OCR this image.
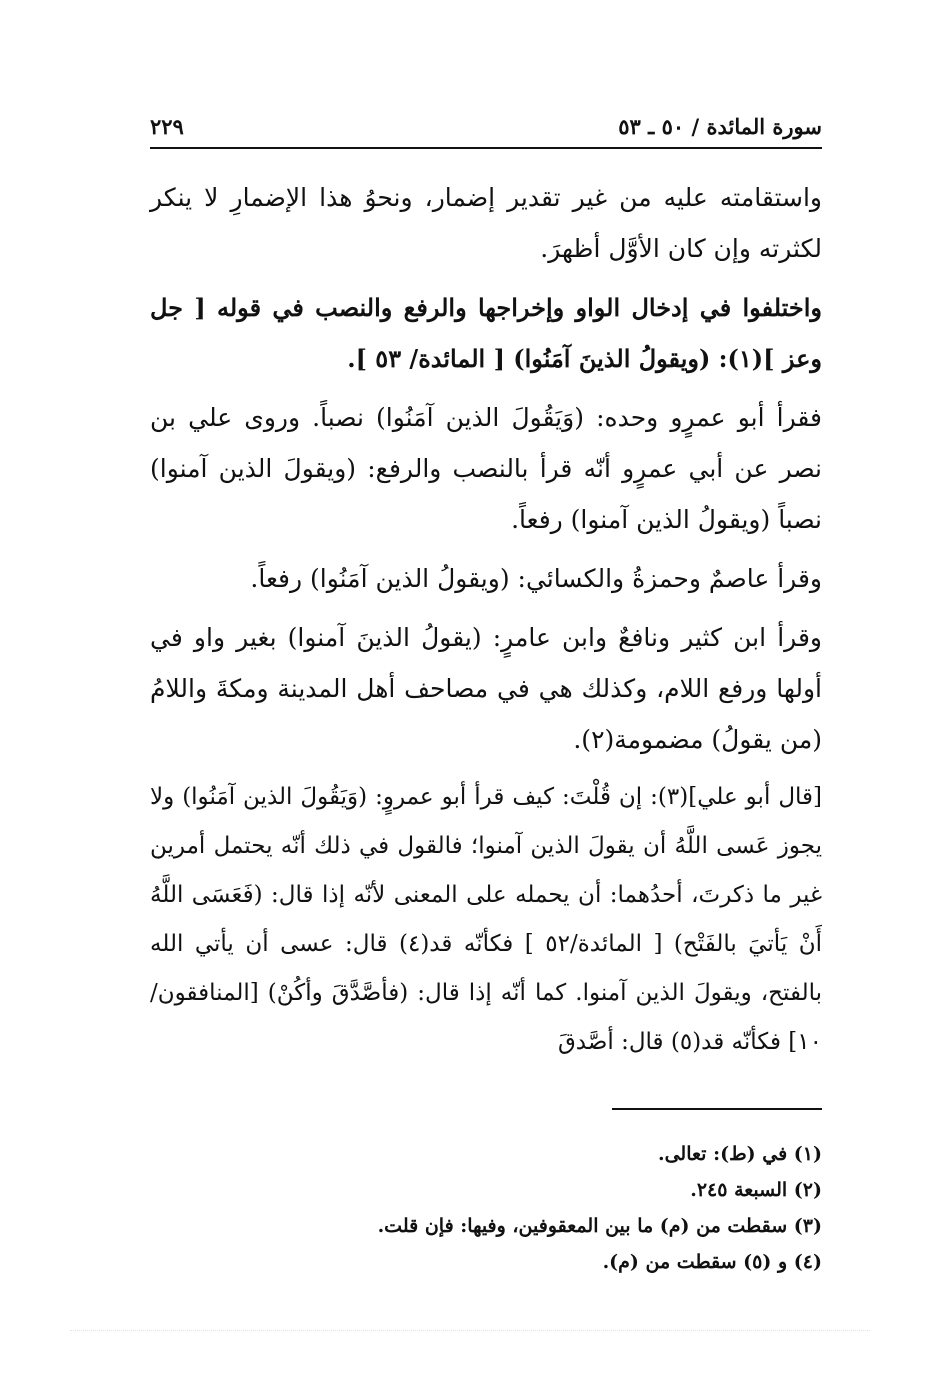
سورة المائدة / ٥٠ ـ ٥٣
٢٢٩

واستقامته عليه من غير تقدير إضمار، ونحوُ هذا الإضمارِ لا ينكر لكثرته وإن كان الأوَّل أظهرَ.

واختلفوا في إدخال الواو وإخراجها والرفع والنصب في قوله [ جل وعز ](١): (ويقولُ الذينَ آمَنُوا) [ المائدة/ ٥٣ ].

فقرأ أبو عمرٍو وحده: (وَيَقُولَ الذين آمَنُوا) نصباً. وروى علي بن نصر عن أبي عمرٍو أنّه قرأ بالنصب والرفع: (ويقولَ الذين آمنوا) نصباً (ويقولُ الذين آمنوا) رفعاً.

وقرأ عاصمٌ وحمزةُ والكسائي: (ويقولُ الذين آمَنُوا) رفعاً.

وقرأ ابن كثير ونافعٌ وابن عامرٍ: (يقولُ الذينَ آمنوا) بغير واو في أولها ورفع اللام، وكذلك هي في مصاحف أهل المدينة ومكةَ واللامُ (من يقولُ) مضمومة(٢).

[قال أبو علي](٣): إن قُلْتَ: كيف قرأ أبو عمروٍ: (وَيَقُولَ الذين آمَنُوا) ولا يجوز عَسى اللَّهُ أن يقولَ الذين آمنوا؛ فالقول في ذلك أنّه يحتمل أمرين غير ما ذكرتَ، أحدُهما: أن يحمله على المعنى لأنّه إذا قال: (فَعَسَى اللَّهُ أَنْ يَأتيَ بالفَتْح) [ المائدة/٥٢ ] فكأنّه قد(٤) قال: عسى أن يأتي الله بالفتح، ويقولَ الذين آمنوا. كما أنّه إذا قال: (فأصَّدَّقَ وأكُنْ) [المنافقون/ ١٠] فكأنّه قد(٥) قال: أصَّدقَ

(١) في (ط): تعالى.

(٢) السبعة ٢٤٥.

(٣) سقطت من (م) ما بين المعقوفين، وفيها: فإن قلت.

(٤) و (٥) سقطت من (م).
